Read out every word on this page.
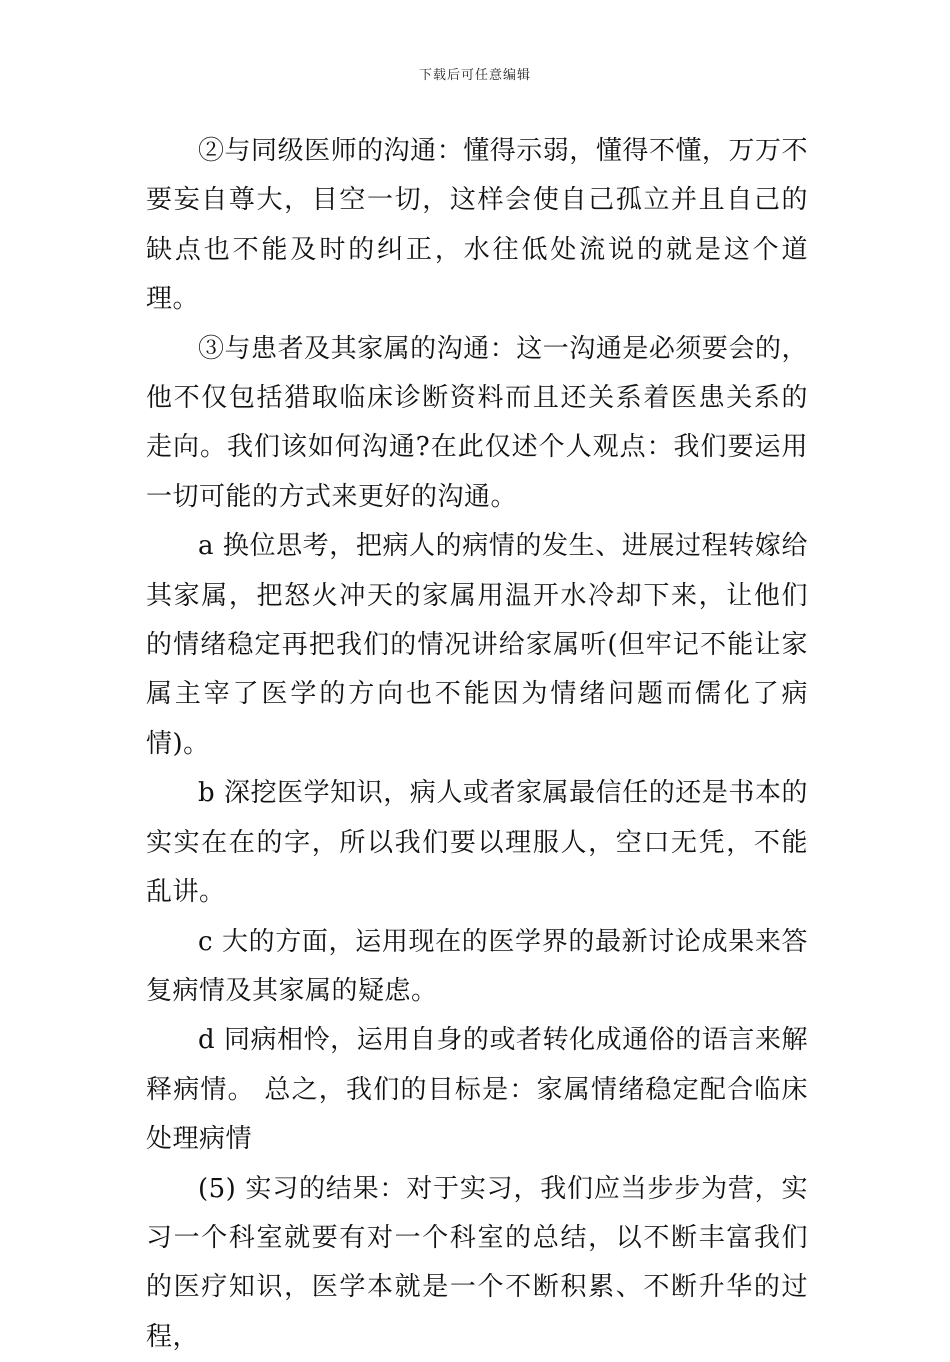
下载后可任意编辑

②与同级医师的沟通：懂得示弱，懂得不懂，万万不要妄自尊大，目空一切，这样会使自己孤立并且自己的缺点也不能及时的纠正，水往低处流说的就是这个道理。

③与患者及其家属的沟通：这一沟通是必须要会的，他不仅包括猎取临床诊断资料而且还关系着医患关系的走向。我们该如何沟通?在此仅述个人观点：我们要运用一切可能的方式来更好的沟通。

a 换位思考，把病人的病情的发生、进展过程转嫁给其家属，把怒火冲天的家属用温开水冷却下来，让他们的情绪稳定再把我们的情况讲给家属听(但牢记不能让家属主宰了医学的方向也不能因为情绪问题而儒化了病情)。

b 深挖医学知识，病人或者家属最信任的还是书本的实实在在的字，所以我们要以理服人，空口无凭，不能乱讲。

c 大的方面，运用现在的医学界的最新讨论成果来答复病情及其家属的疑虑。

d 同病相怜，运用自身的或者转化成通俗的语言来解释病情。 总之，我们的目标是：家属情绪稳定配合临床处理病情

(5) 实习的结果：对于实习，我们应当步步为营，实习一个科室就要有对一个科室的总结，以不断丰富我们的医疗知识，医学本就是一个不断积累、不断升华的过程，
